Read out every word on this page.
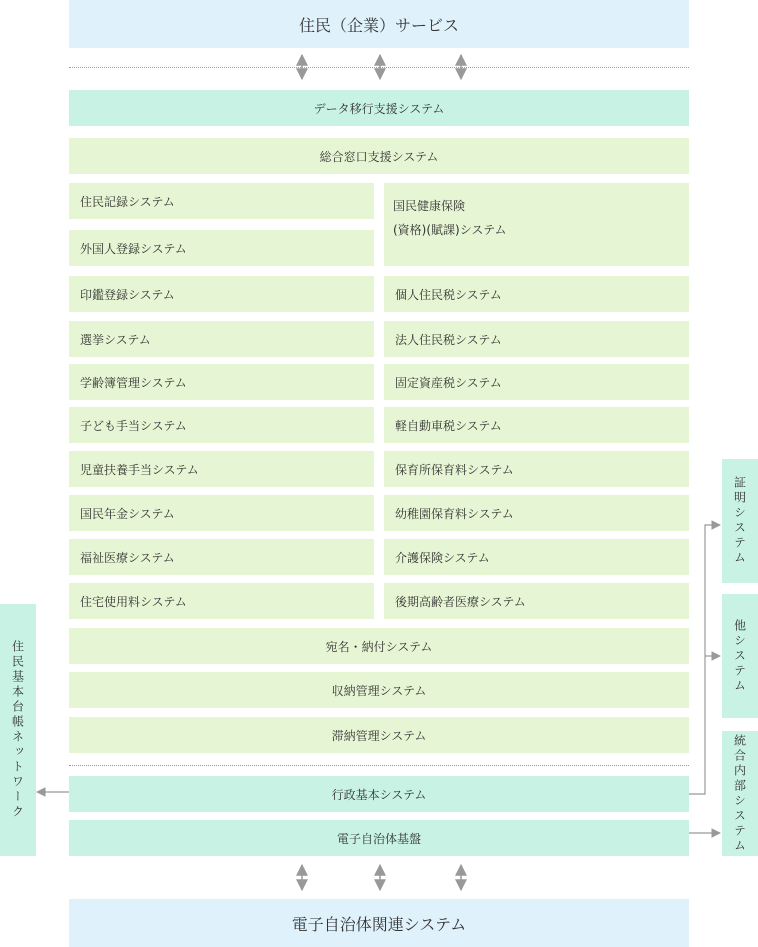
住民（企業）サービス
電子自治体関連システム
データ移行支援システム
総合窓口支援システム
住民記録システム
外国人登録システム
印鑑登録システム
選挙システム
学齢簿管理システム
子ども手当システム
児童扶養手当システム
国民年金システム
福祉医療システム
住宅使用料システム
国民健康保険
(資格)(賦課)システム
個人住民税システム
法人住民税システム
固定資産税システム
軽自動車税システム
保育所保育料システム
幼稚園保育料システム
介護保険システム
後期高齢者医療システム
宛名・納付システム
収納管理システム
滞納管理システム
行政基本システム
電子自治体基盤
住民基本台帳ネットワーク
証明システム
他システム
統合内部システム
